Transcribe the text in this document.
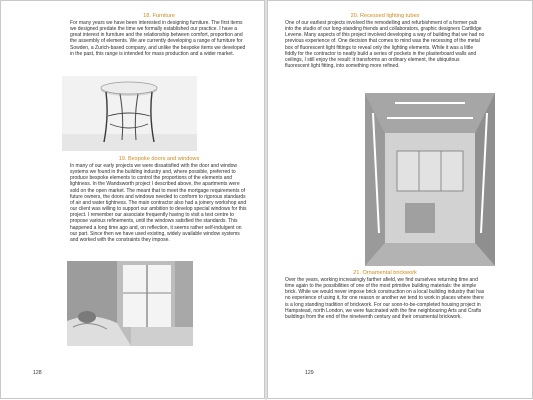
18. Furniture

For many years we have been interested in designing furniture. The first items we designed predate the time we formally established our practice. I have a great interest in furniture and the relationship between comfort, proportion and the assembly of elements. We are currently developing a range of furniture for Sowden, a Zurich-based company, and unlike the bespoke items we developed in the past, this range is intended for mass production and a wider market.

19. Bespoke doors and windows

In many of our early projects we were dissatisfied with the door and window systems we found in the building industry and, where possible, preferred to produce bespoke elements to control the proportions of the elements and lightness. In the Wandsworth project I described above, the apartments were sold on the open market. The meant that to meet the mortgage requirements of future owners, the doors and windows needed to conform to rigorous standards of air and water tightness. The main contractor also had a joinery workshop and our client was willing to support our ambition to develop special windows for this project. I remember our associate frequently having to visit a test centre to propose various refinements, until the windows satisfied the standards. This happened a long time ago and, on reflection, it seems rather self-indulgent on our part. Since then we have used existing, widely available window systems and worked with the constraints they impose.

128

20. Recessed lighting tubes

One of our earliest projects involved the remodelling and refurbishment of a former pub into the studio of our long-standing friends and collaborators, graphic designers Cartlidge Levene. Many aspects of this project involved developing a way of building that we had no previous experience of. One decision that comes to mind was the recessing of the metal box of fluorescent light fittings to reveal only the lighting elements. While it was a little fiddly for the contractor to neatly build a series of pockets in the plasterboard walls and ceilings, I still enjoy the result: it transforms an ordinary element, the ubiquitous fluorescent light fitting, into something more refined.

21. Ornamental brickwork

Over the years, working increasingly farther afield, we find ourselves returning time and time again to the possibilities of one of the most primitive building materials: the simple brick. While we would never impose brick construction on a local building industry that has no experience of using it, for one reason or another we tend to work in places where there is a long standing tradition of brickwork. For our soon-to-be-completed housing project in Hampstead, north London, we were fascinated with the fine neighbouring Arts and Crafts buildings from the end of the nineteenth century and their ornamental brickwork.

129
